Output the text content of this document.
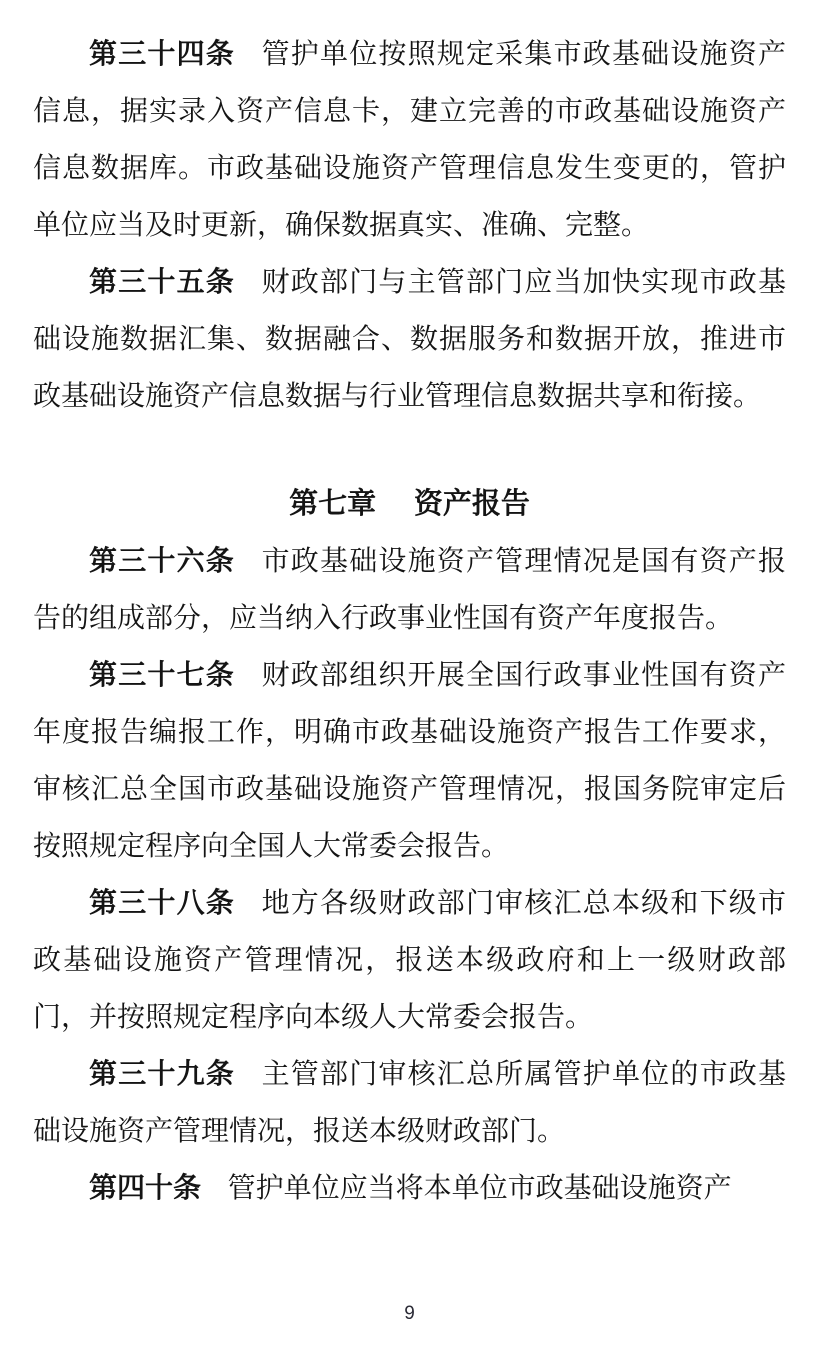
第三十四条 管护单位按照规定采集市政基础设施资产信息，据实录入资产信息卡，建立完善的市政基础设施资产信息数据库。市政基础设施资产管理信息发生变更的，管护单位应当及时更新，确保数据真实、准确、完整。

第三十五条 财政部门与主管部门应当加快实现市政基础设施数据汇集、数据融合、数据服务和数据开放，推进市政基础设施资产信息数据与行业管理信息数据共享和衔接。

第七章 资产报告

第三十六条 市政基础设施资产管理情况是国有资产报告的组成部分，应当纳入行政事业性国有资产年度报告。

第三十七条 财政部组织开展全国行政事业性国有资产年度报告编报工作，明确市政基础设施资产报告工作要求，审核汇总全国市政基础设施资产管理情况，报国务院审定后按照规定程序向全国人大常委会报告。

第三十八条 地方各级财政部门审核汇总本级和下级市政基础设施资产管理情况，报送本级政府和上一级财政部门，并按照规定程序向本级人大常委会报告。

第三十九条 主管部门审核汇总所属管护单位的市政基础设施资产管理情况，报送本级财政部门。

第四十条 管护单位应当将本单位市政基础设施资产

9
